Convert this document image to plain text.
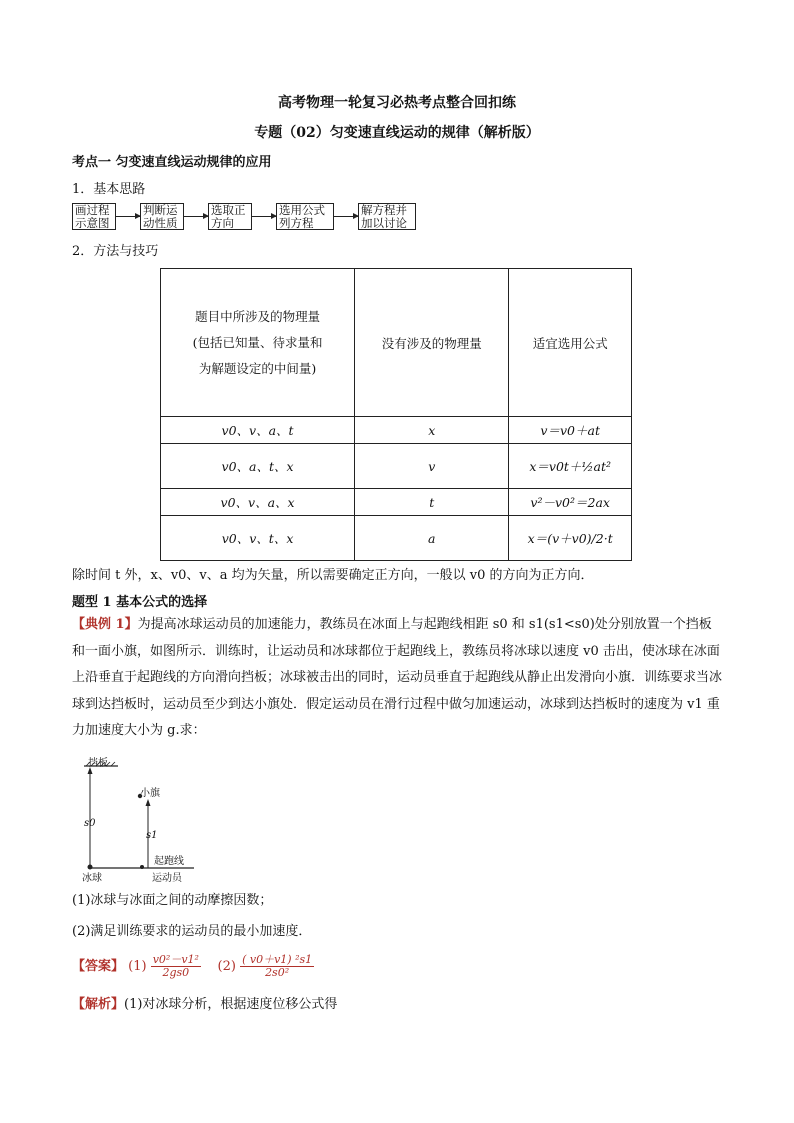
高考物理一轮复习必热考点整合回扣练
专题（02）匀变速直线运动的规律（解析版）
考点一 匀变速直线运动规律的应用
1．基本思路
画过程
示意图
判断运
动性质
选取正
方向
选用公式
列方程
解方程并
加以讨论
2．方法与技巧
题目中所涉及的物理量
(包括已知量、待求量和
为解题设定的中间量)	没有涉及的物理量	适宜选用公式
v0、v、a、t	x	v＝v0＋at
v0、a、t、x	v	x＝v0t＋½at²
v0、v、a、x	t	v²－v0²＝2ax
v0、v、t、x	a	x＝(v＋v0)/2·t
除时间 t 外，x、v0、v、a 均为矢量，所以需要确定正方向，一般以 v0 的方向为正方向．
题型 1 基本公式的选择
【典例 1】为提高冰球运动员的加速能力，教练员在冰面上与起跑线相距 s0 和 s1(s1<s0)处分别放置一个挡板和一面小旗，如图所示．训练时，让运动员和冰球都位于起跑线上，教练员将冰球以速度 v0 击出，使冰球在冰面上沿垂直于起跑线的方向滑向挡板；冰球被击出的同时，运动员垂直于起跑线从静止出发滑向小旗．训练要求当冰球到达挡板时，运动员至少到达小旗处．假定运动员在滑行过程中做匀加速运动，冰球到达挡板时的速度为 v1 重力加速度大小为 g.求：
挡板
小旗
s0
s1
起跑线
冰球	运动员
(1)冰球与冰面之间的动摩擦因数；
(2)满足训练要求的运动员的最小加速度．
【答案】 $(1) \frac{\text{v0²－v1²}}{2gs0} (2) \frac{\text{( v0＋v1) ²s1}}{\text{2s0²}}$
【解析】(1)对冰球分析，根据速度位移公式得
